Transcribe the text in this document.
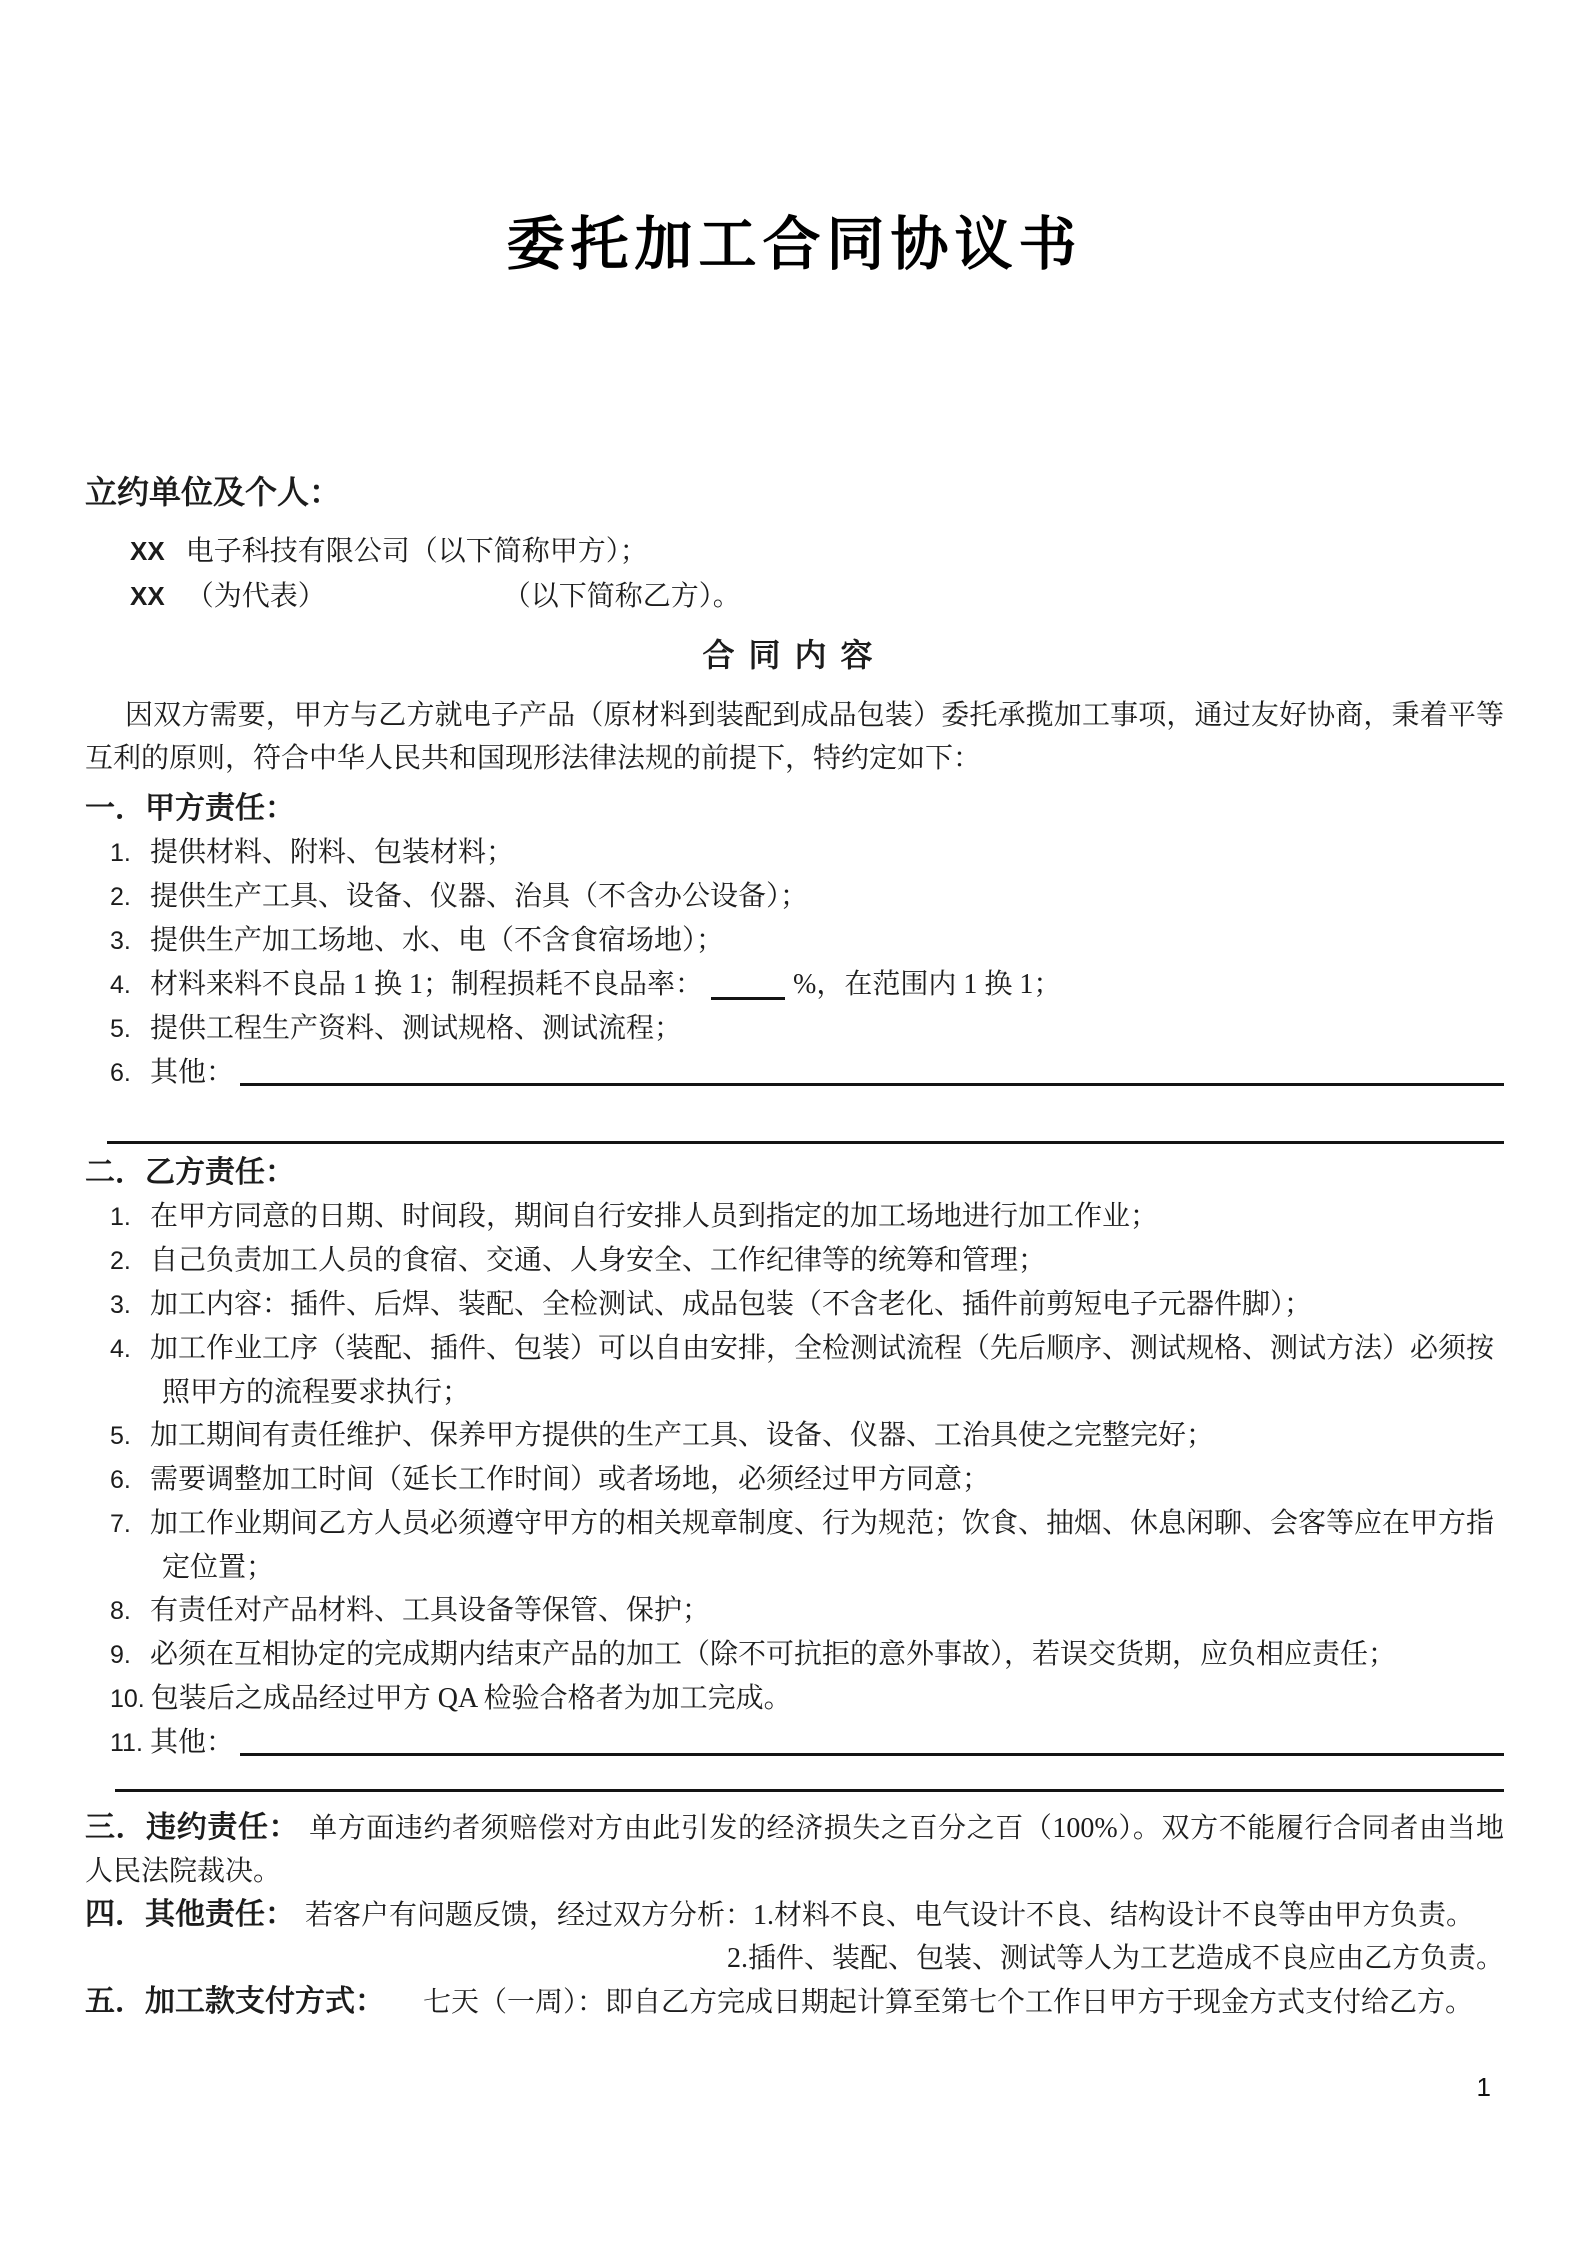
委托加工合同协议书
立约单位及个人：
XX 电子科技有限公司（以下简称甲方）；
XX （为代表）	（以下简称乙方）。
合同内容

因双方需要，甲方与乙方就电子产品（原材料到装配到成品包装）委托承揽加工事项，通过友好协商，秉着平等互利的原则，符合中华人民共和国现形法律法规的前提下，特约定如下：

一．甲方责任：
1. 提供材料、附料、包装材料；
2. 提供生产工具、设备、仪器、治具（不含办公设备）；
3. 提供生产加工场地、水、电（不含食宿场地）；
4. 材料来料不良品 1 换 1；制程损耗不良品率：	%，在范围内 1 换 1；
5. 提供工程生产资料、测试规格、测试流程；
6. 其他：
二．乙方责任：
1. 在甲方同意的日期、时间段，期间自行安排人员到指定的加工场地进行加工作业；
2. 自己负责加工人员的食宿、交通、人身安全、工作纪律等的统筹和管理；
3. 加工内容：插件、后焊、装配、全检测试、成品包装（不含老化、插件前剪短电子元器件脚）；
4. 加工作业工序（装配、插件、包装）可以自由安排，全检测试流程（先后顺序、测试规格、测试方法）必须按
照甲方的流程要求执行；
5. 加工期间有责任维护、保养甲方提供的生产工具、设备、仪器、工治具使之完整完好；
6. 需要调整加工时间（延长工作时间）或者场地，必须经过甲方同意；
7. 加工作业期间乙方人员必须遵守甲方的相关规章制度、行为规范；饮食、抽烟、休息闲聊、会客等应在甲方指
定位置；
8. 有责任对产品材料、工具设备等保管、保护；
9. 必须在互相协定的完成期内结束产品的加工（除不可抗拒的意外事故），若误交货期，应负相应责任；
10. 包装后之成品经过甲方 QA 检验合格者为加工完成。
11. 其他：

三．违约责任： 单方面违约者须赔偿对方由此引发的经济损失之百分之百（100%）。双方不能履行合同者由当地人民法院裁决。

四．其他责任： 若客户有问题反馈，经过双方分析：1.材料不良、电气设计不良、结构设计不良等由甲方负责。

2.插件、装配、包装、测试等人为工艺造成不良应由乙方负责。

五．加工款支付方式： 七天（一周）：即自乙方完成日期起计算至第七个工作日甲方于现金方式支付给乙方。

1
